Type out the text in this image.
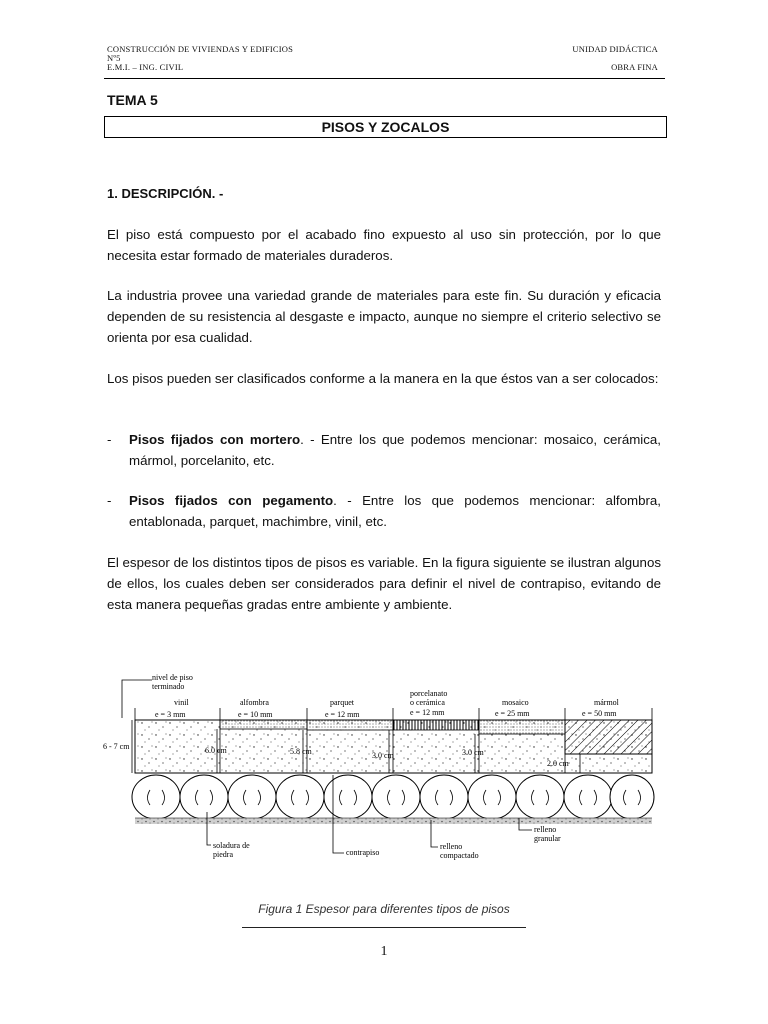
CONSTRUCCIÓN DE VIVIENDAS Y EDIFICIOS
Nº5
E.M.I. – ING. CIVIL
UNIDAD DIDÁCTICA
OBRA FINA
TEMA 5
PISOS Y ZOCALOS
1. DESCRIPCIÓN. -
El piso está compuesto por el acabado fino expuesto al uso sin protección, por lo que necesita estar formado de materiales duraderos.
La industria provee una variedad grande de materiales para este fin. Su duración y eficacia dependen de su resistencia al desgaste e impacto, aunque no siempre el criterio selectivo se orienta por esa cualidad.
Los pisos pueden ser clasificados conforme a la manera en la que éstos van a ser colocados:
- Pisos fijados con mortero. - Entre los que podemos mencionar: mosaico, cerámica, mármol, porcelanito, etc.
- Pisos fijados con pegamento. - Entre los que podemos mencionar: alfombra, entablonada, parquet, machimbre, vinil, etc.
El espesor de los distintos tipos de pisos es variable. En la figura siguiente se ilustran algunos de ellos, los cuales deben ser considerados para definir el nivel de contrapiso, evitando de esta manera pequeñas gradas entre ambiente y ambiente.
nivel de piso
terminado
vinil
e = 3 mm
alfombra
e = 10 mm
parquet
e = 12 mm
porcelanato
o cerámica
e = 12 mm
mosaico
e = 25 mm
mármol
e = 50 mm
6 - 7 cm	6.0 cm	5.8 cm	3.0 cm	3.0 cm
2.0 cm
soladura de
piedra	contrapiso
relleno
compactado
relleno
granular
Figura 1 Espesor para diferentes tipos de pisos
1
